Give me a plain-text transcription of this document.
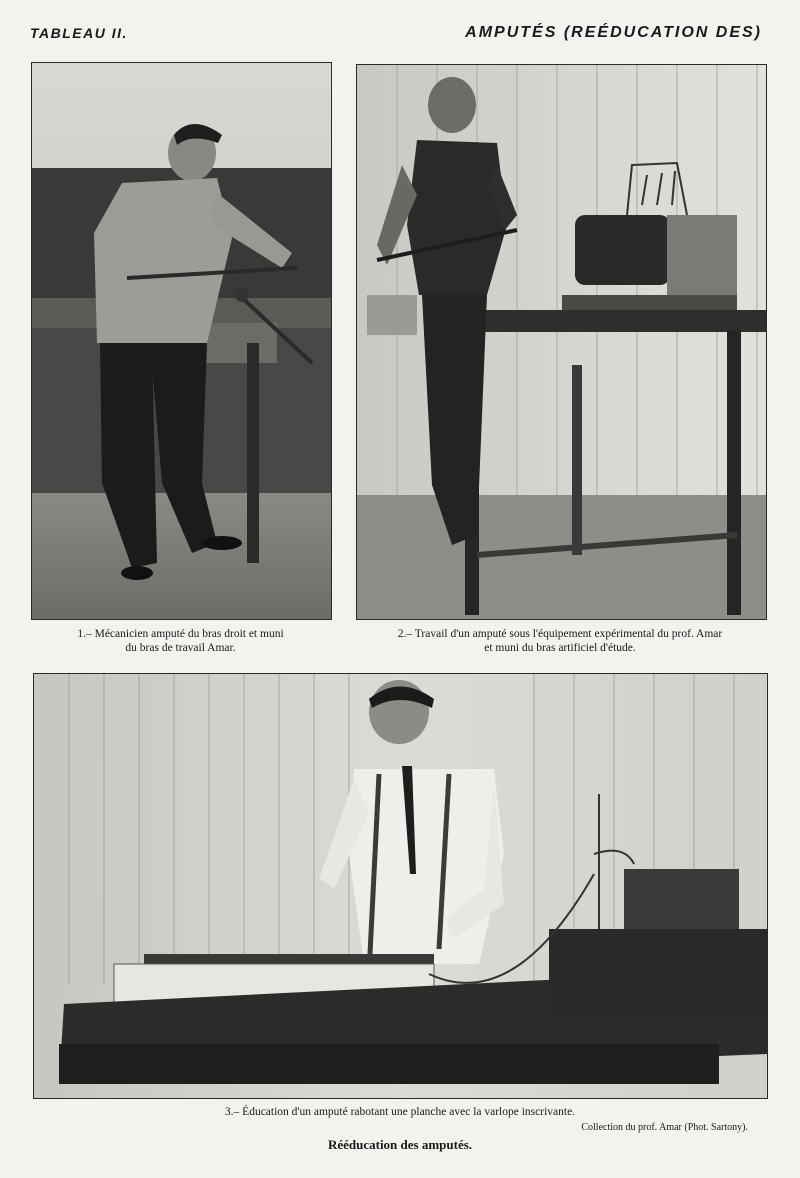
TABLEAU II.	AMPUTÉS (REÉDUCATION DES)
1.– Mécanicien amputé du bras droit et muni
du bras de travail Amar.
2.– Travail d'un amputé sous l'équipement expérimental du prof. Amar
et muni du bras artificiel d'étude.
3.– Éducation d'un amputé rabotant une planche avec la varlope inscrivante.
Collection du prof. Amar (Phot. Sartony).
Rééducation des amputés.
